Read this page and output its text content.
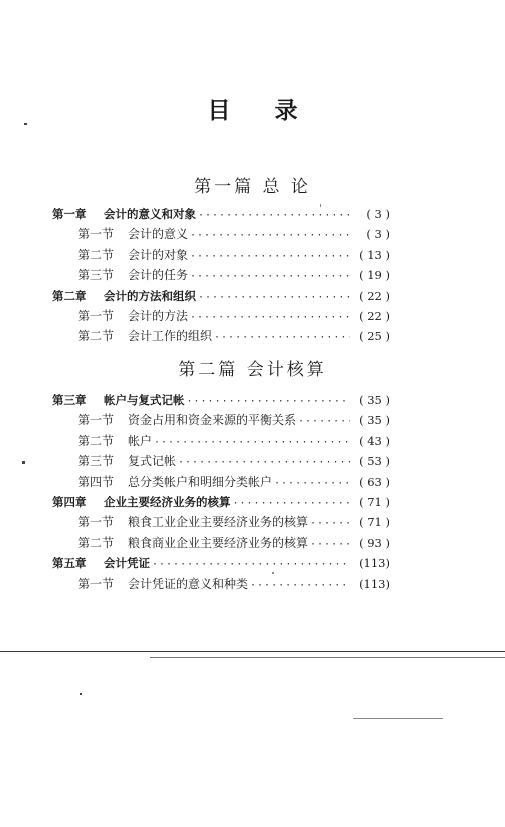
目 录
第一篇 总 论
第一章	会计的意义和对象 ·····	( 3 )
第一节	会计的意义 ·····	( 3 )
第二节	会计的对象 ·····	( 13 )
第三节	会计的任务 ·····	( 19 )
第二章	会计的方法和组织 ·····	( 22 )
第一节	会计的方法 ·····	( 22 )
第二节	会计工作的组织 ·····	( 25 )
第二篇 会计核算
第三章	帐户与复式记帐 ·····	( 35 )
第一节	资金占用和资金来源的平衡关系 ·····	( 35 )
第二节	帐户 ·····	( 43 )
第三节	复式记帐 ·····	( 53 )
第四节	总分类帐户和明细分类帐户 ·····	( 63 )
第四章	企业主要经济业务的核算 ·····	( 71 )
第一节	粮食工业企业主要经济业务的核算 ·····	( 71 )
第二节	粮食商业企业主要经济业务的核算 ·····	( 93 )
第五章	会计凭证 ·····	(113)
第一节	会计凭证的意义和种类 ·····	(113)
